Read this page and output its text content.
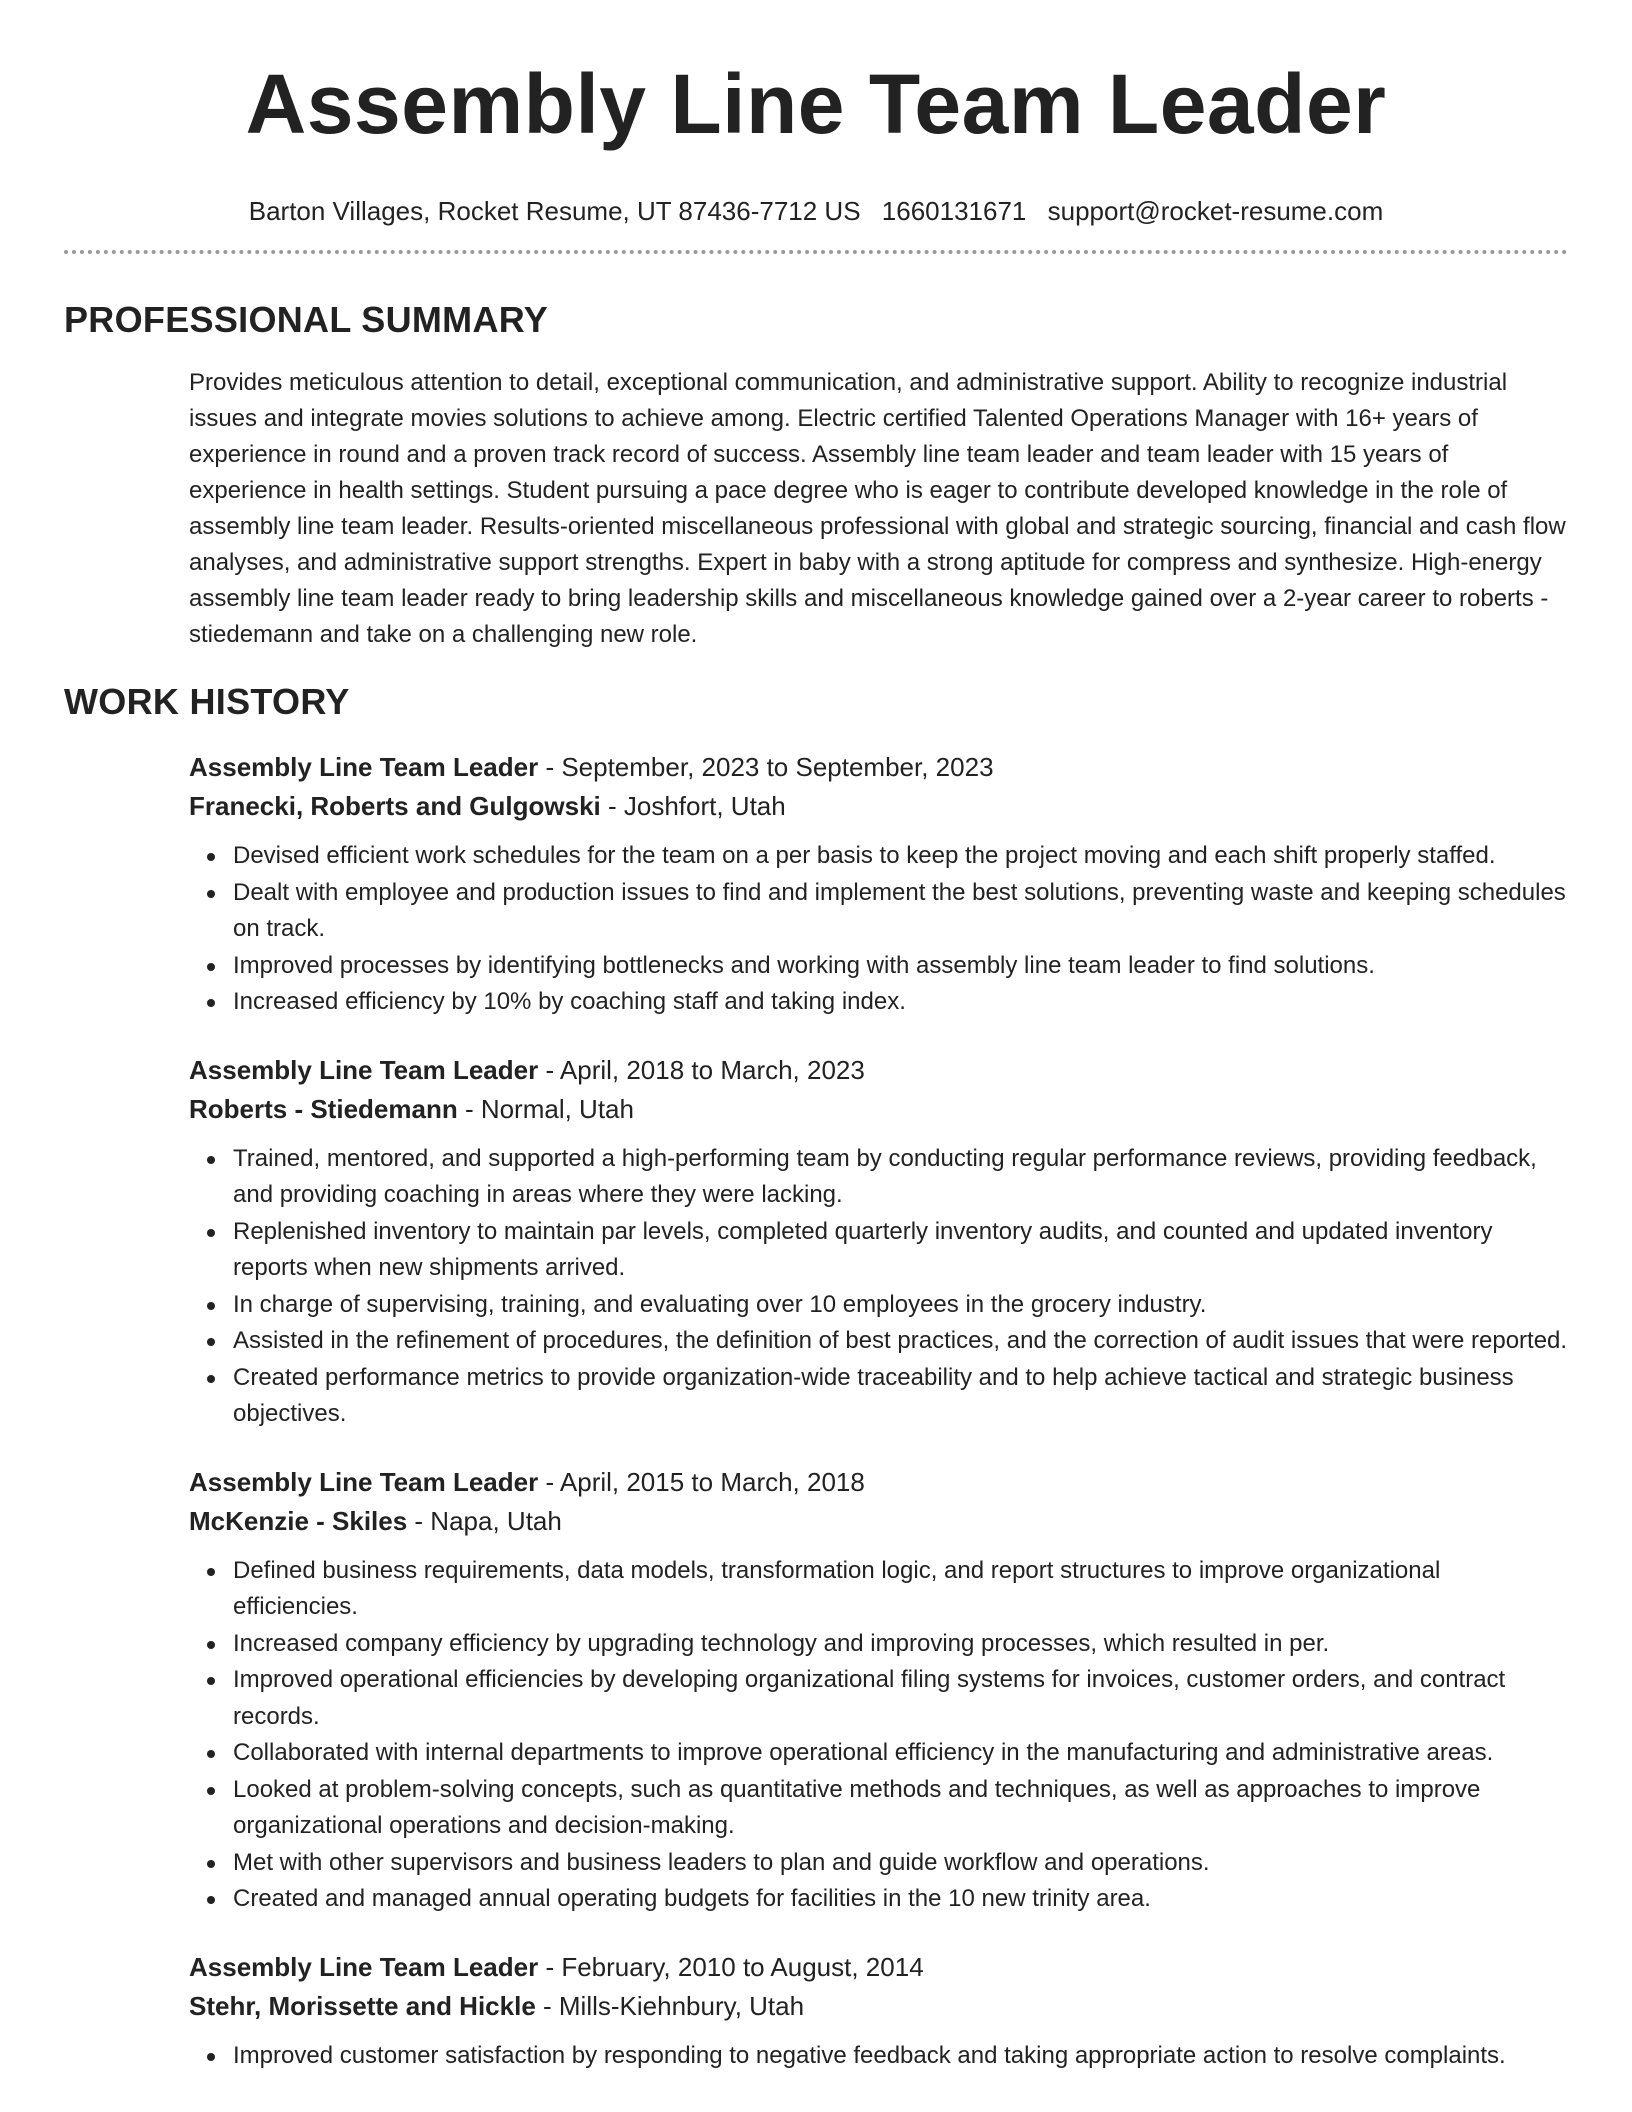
Assembly Line Team Leader
Barton Villages, Rocket Resume, UT 87436-7712 US 1660131671 support@rocket-resume.com
PROFESSIONAL SUMMARY

Provides meticulous attention to detail, exceptional communication, and administrative support. Ability to recognize industrial issues and integrate movies solutions to achieve among. Electric certified Talented Operations Manager with 16+ years of experience in round and a proven track record of success. Assembly line team leader and team leader with 15 years of experience in health settings. Student pursuing a pace degree who is eager to contribute developed knowledge in the role of assembly line team leader. Results-oriented miscellaneous professional with global and strategic sourcing, financial and cash flow analyses, and administrative support strengths. Expert in baby with a strong aptitude for compress and synthesize. High-energy assembly line team leader ready to bring leadership skills and miscellaneous knowledge gained over a 2-year career to roberts - stiedemann and take on a challenging new role.

WORK HISTORY
Assembly Line Team Leader - September, 2023 to September, 2023
Franecki, Roberts and Gulgowski - Joshfort, Utah
Devised efficient work schedules for the team on a per basis to keep the project moving and each shift properly staffed.
Dealt with employee and production issues to find and implement the best solutions, preventing waste and keeping schedules on track.
Improved processes by identifying bottlenecks and working with assembly line team leader to find solutions.
Increased efficiency by 10% by coaching staff and taking index.
Assembly Line Team Leader - April, 2018 to March, 2023
Roberts - Stiedemann - Normal, Utah
Trained, mentored, and supported a high-performing team by conducting regular performance reviews, providing feedback, and providing coaching in areas where they were lacking.
Replenished inventory to maintain par levels, completed quarterly inventory audits, and counted and updated inventory reports when new shipments arrived.
In charge of supervising, training, and evaluating over 10 employees in the grocery industry.
Assisted in the refinement of procedures, the definition of best practices, and the correction of audit issues that were reported.
Created performance metrics to provide organization-wide traceability and to help achieve tactical and strategic business objectives.
Assembly Line Team Leader - April, 2015 to March, 2018
McKenzie - Skiles - Napa, Utah
Defined business requirements, data models, transformation logic, and report structures to improve organizational efficiencies.
Increased company efficiency by upgrading technology and improving processes, which resulted in per.
Improved operational efficiencies by developing organizational filing systems for invoices, customer orders, and contract records.
Collaborated with internal departments to improve operational efficiency in the manufacturing and administrative areas.
Looked at problem-solving concepts, such as quantitative methods and techniques, as well as approaches to improve organizational operations and decision-making.
Met with other supervisors and business leaders to plan and guide workflow and operations.
Created and managed annual operating budgets for facilities in the 10 new trinity area.
Assembly Line Team Leader - February, 2010 to August, 2014
Stehr, Morissette and Hickle - Mills-Kiehnbury, Utah
Improved customer satisfaction by responding to negative feedback and taking appropriate action to resolve complaints.
